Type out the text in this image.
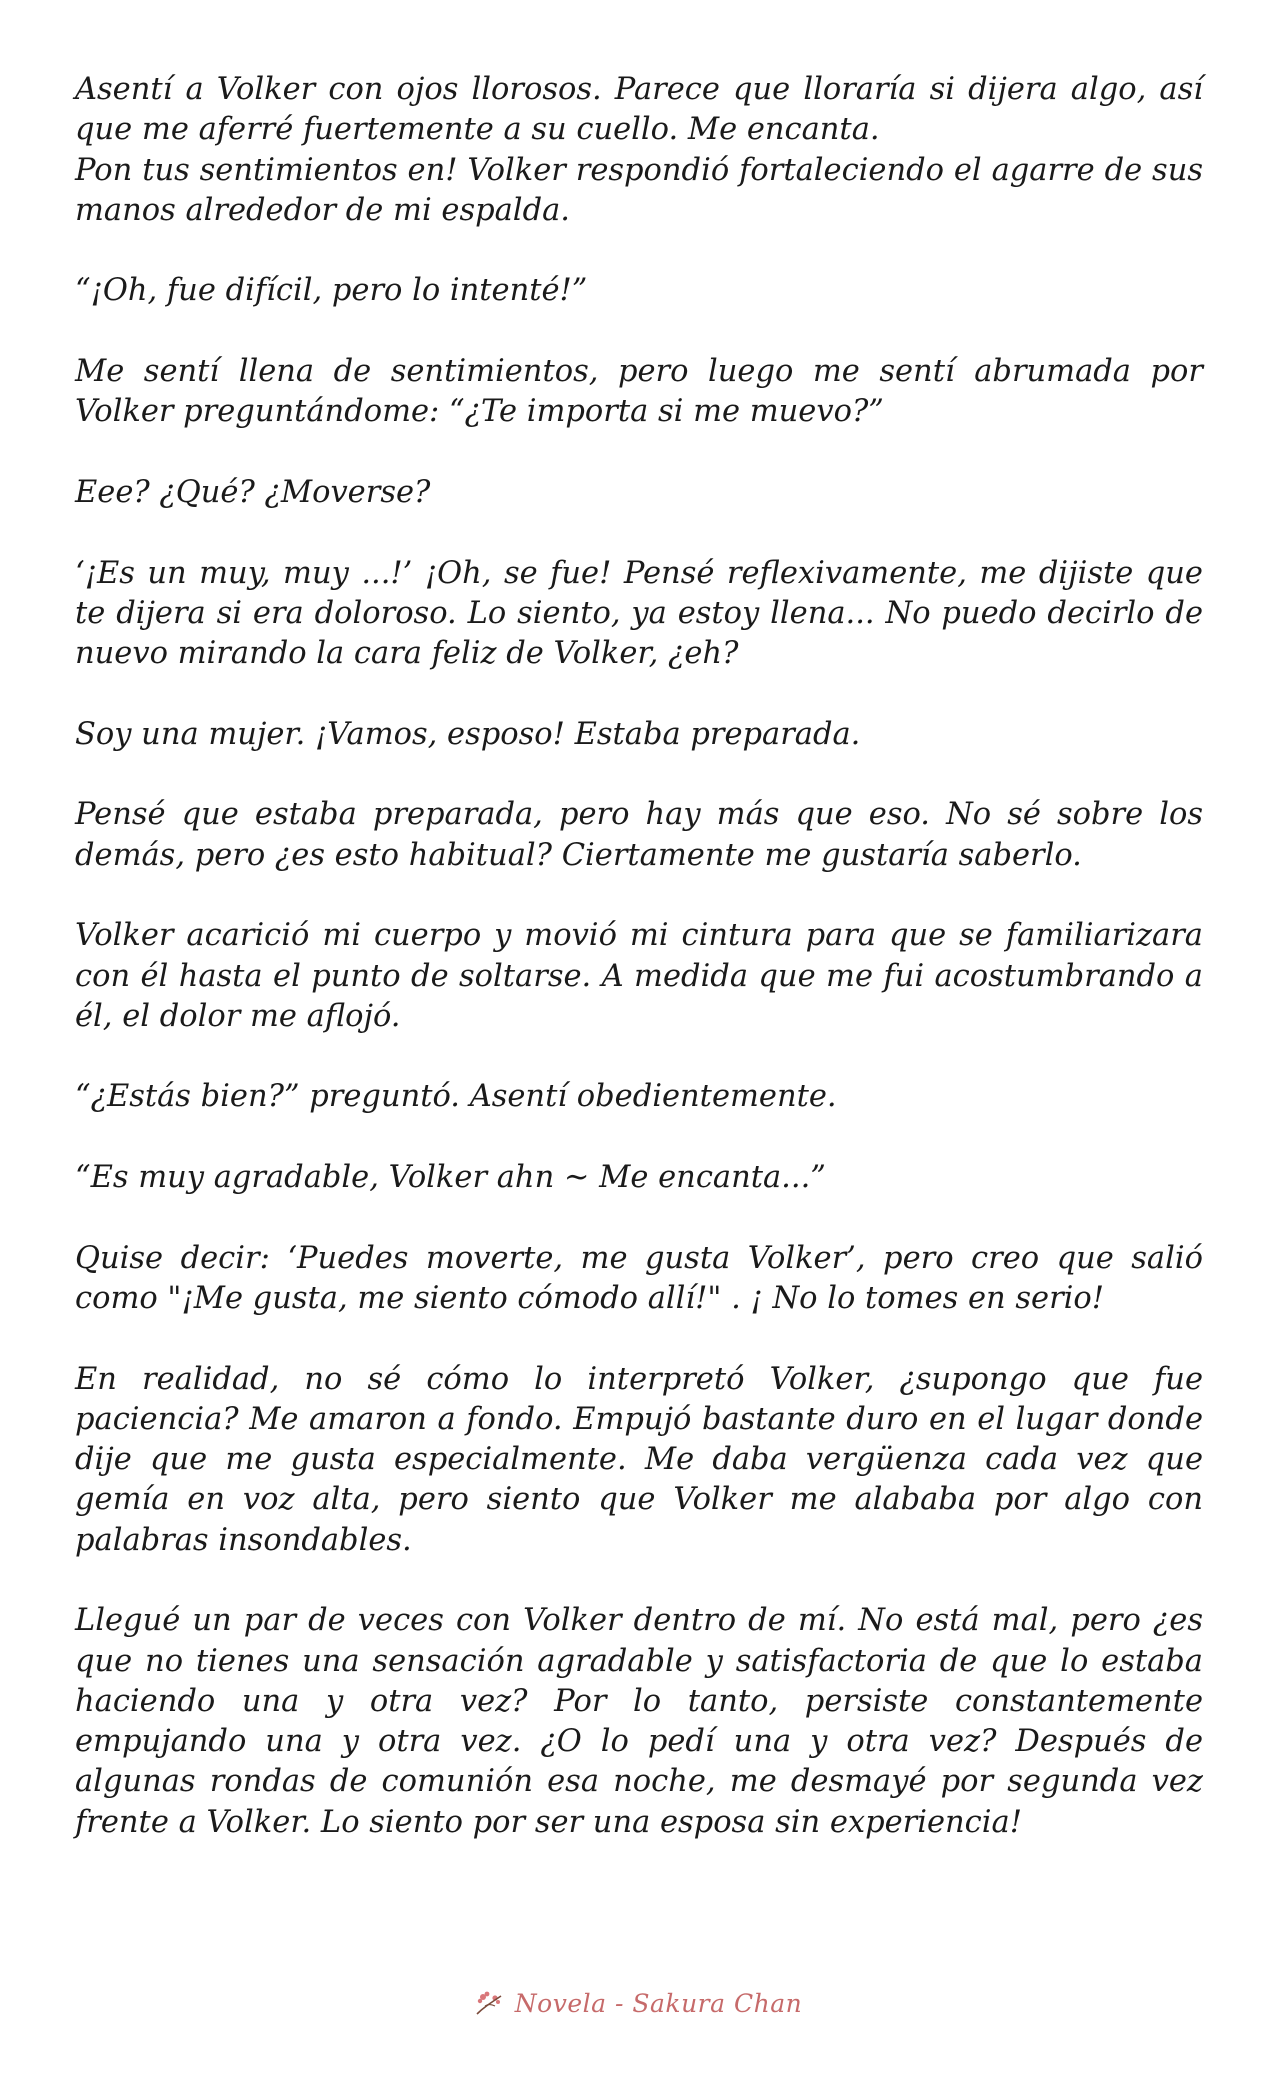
Asentí a Volker con ojos llorosos. Parece que lloraría si dijera algo, así que me aferré fuertemente a su cuello. Me encanta.
Pon tus sentimientos en! Volker respondió fortaleciendo el agarre de sus manos alrededor de mi espalda.

“¡Oh, fue difícil, pero lo intenté!”

Me sentí llena de sentimientos, pero luego me sentí abrumada por Volker preguntándome: “¿Te importa si me muevo?”

Eee? ¿Qué? ¿Moverse?

‘¡Es un muy, muy ...!’ ¡Oh, se fue! Pensé reflexivamente, me dijiste que te dijera si era doloroso. Lo siento, ya estoy llena... No puedo decirlo de nuevo mirando la cara feliz de Volker, ¿eh?

Soy una mujer. ¡Vamos, esposo! Estaba preparada.

Pensé que estaba preparada, pero hay más que eso. No sé sobre los demás, pero ¿es esto habitual? Ciertamente me gustaría saberlo.

Volker acarició mi cuerpo y movió mi cintura para que se familiarizara con él hasta el punto de soltarse. A medida que me fui acostumbrando a él, el dolor me aflojó.

“¿Estás bien?” preguntó. Asentí obedientemente.

“Es muy agradable, Volker ahn ~ Me encanta...”

Quise decir: ‘Puedes moverte, me gusta Volker’, pero creo que salió como "¡Me gusta, me siento cómodo allí!" . ¡ No lo tomes en serio!

En realidad, no sé cómo lo interpretó Volker, ¿supongo que fue paciencia? Me amaron a fondo. Empujó bastante duro en el lugar donde dije que me gusta especialmente. Me daba vergüenza cada vez que gemía en voz alta, pero siento que Volker me alababa por algo con palabras insondables.

Llegué un par de veces con Volker dentro de mí. No está mal, pero ¿es que no tienes una sensación agradable y satisfactoria de que lo estaba haciendo una y otra vez? Por lo tanto, persiste constantemente empujando una y otra vez. ¿O lo pedí una y otra vez? Después de algunas rondas de comunión esa noche, me desmayé por segunda vez frente a Volker. Lo siento por ser una esposa sin experiencia!

Novela - Sakura Chan
